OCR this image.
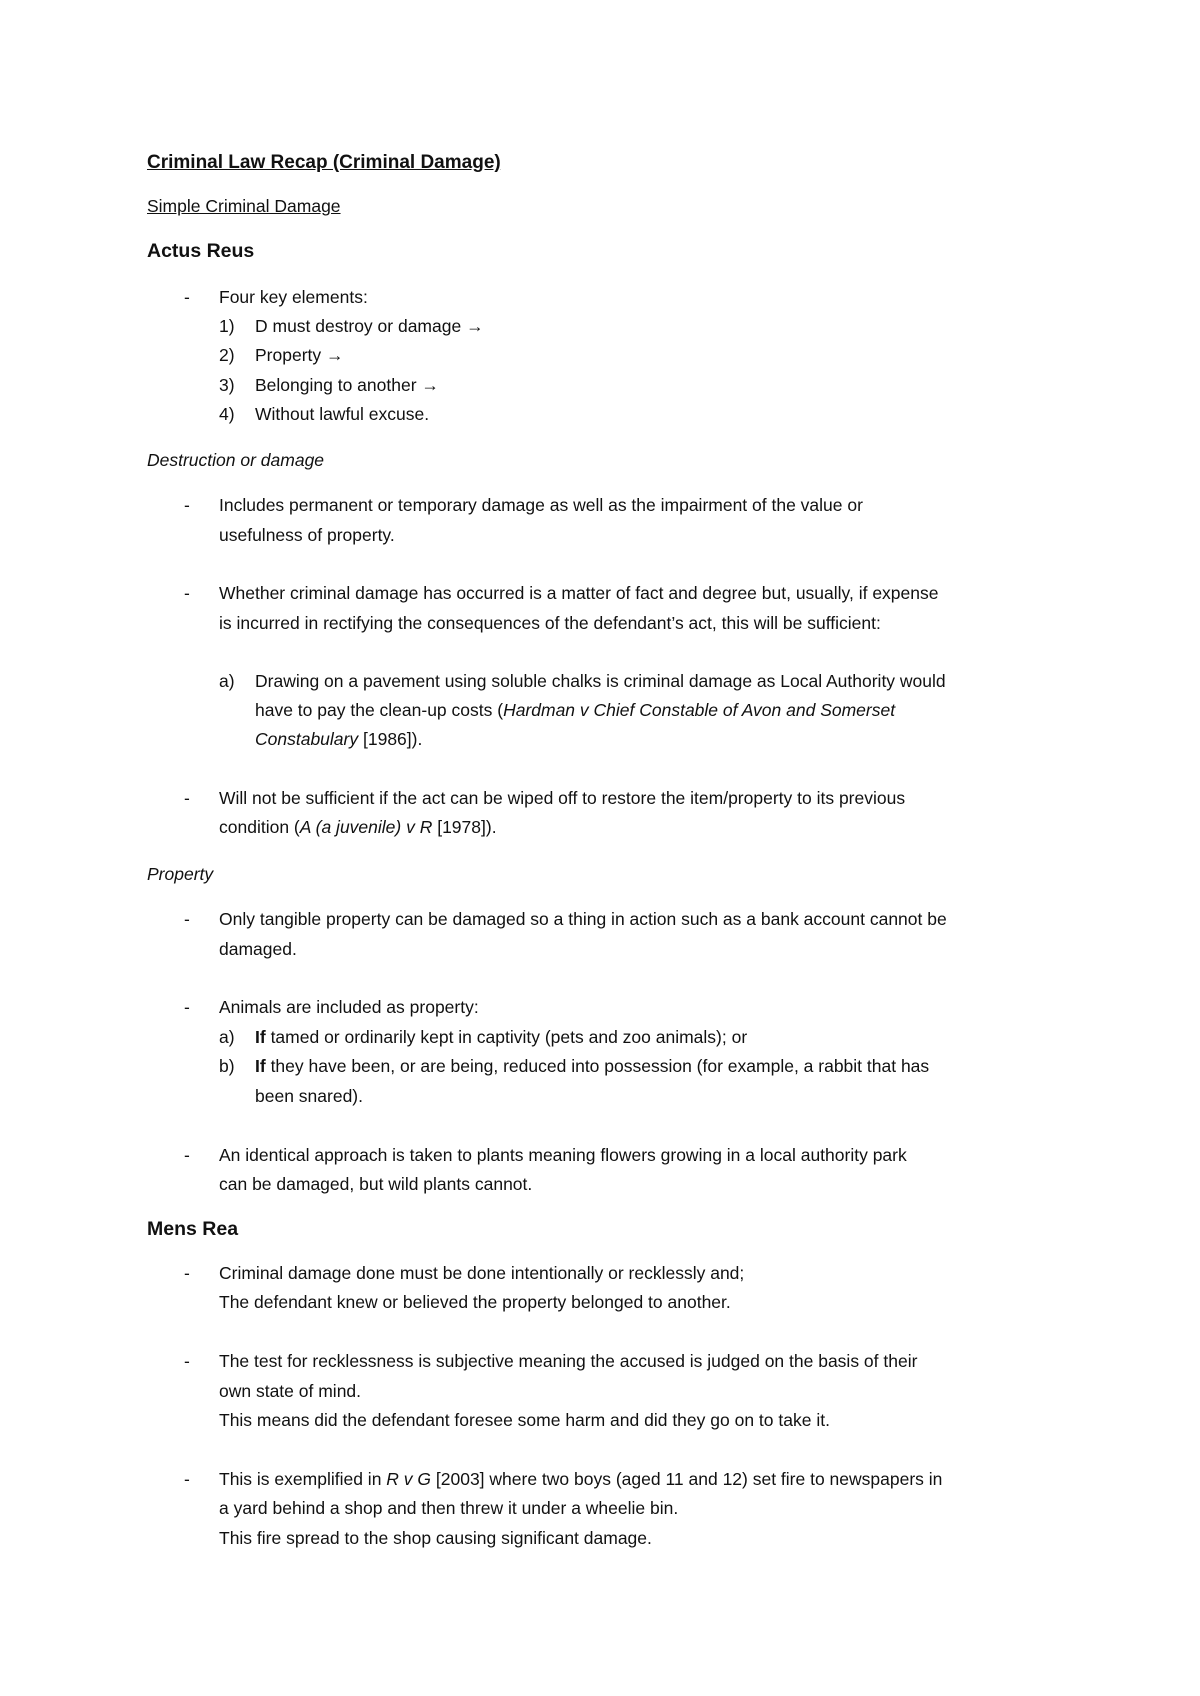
Criminal Law Recap (Criminal Damage)
Simple Criminal Damage
Actus Reus
- Four key elements:
1) D must destroy or damage →
2) Property →
3) Belonging to another →
4) Without lawful excuse.
Destruction or damage
- Includes permanent or temporary damage as well as the impairment of the value or
usefulness of property.
- Whether criminal damage has occurred is a matter of fact and degree but, usually, if expense
is incurred in rectifying the consequences of the defendant’s act, this will be sufficient:
a) Drawing on a pavement using soluble chalks is criminal damage as Local Authority would
have to pay the clean-up costs (Hardman v Chief Constable of Avon and Somerset
Constabulary [1986]).
- Will not be sufficient if the act can be wiped off to restore the item/property to its previous
condition (A (a juvenile) v R [1978]).
Property
- Only tangible property can be damaged so a thing in action such as a bank account cannot be
damaged.
- Animals are included as property:
a) If tamed or ordinarily kept in captivity (pets and zoo animals); or
b) If they have been, or are being, reduced into possession (for example, a rabbit that has
been snared).
- An identical approach is taken to plants meaning flowers growing in a local authority park
can be damaged, but wild plants cannot.
Mens Rea
- Criminal damage done must be done intentionally or recklessly and;
The defendant knew or believed the property belonged to another.
- The test for recklessness is subjective meaning the accused is judged on the basis of their
own state of mind.
This means did the defendant foresee some harm and did they go on to take it.
- This is exemplified in R v G [2003] where two boys (aged 11 and 12) set fire to newspapers in
a yard behind a shop and then threw it under a wheelie bin.
This fire spread to the shop causing significant damage.
